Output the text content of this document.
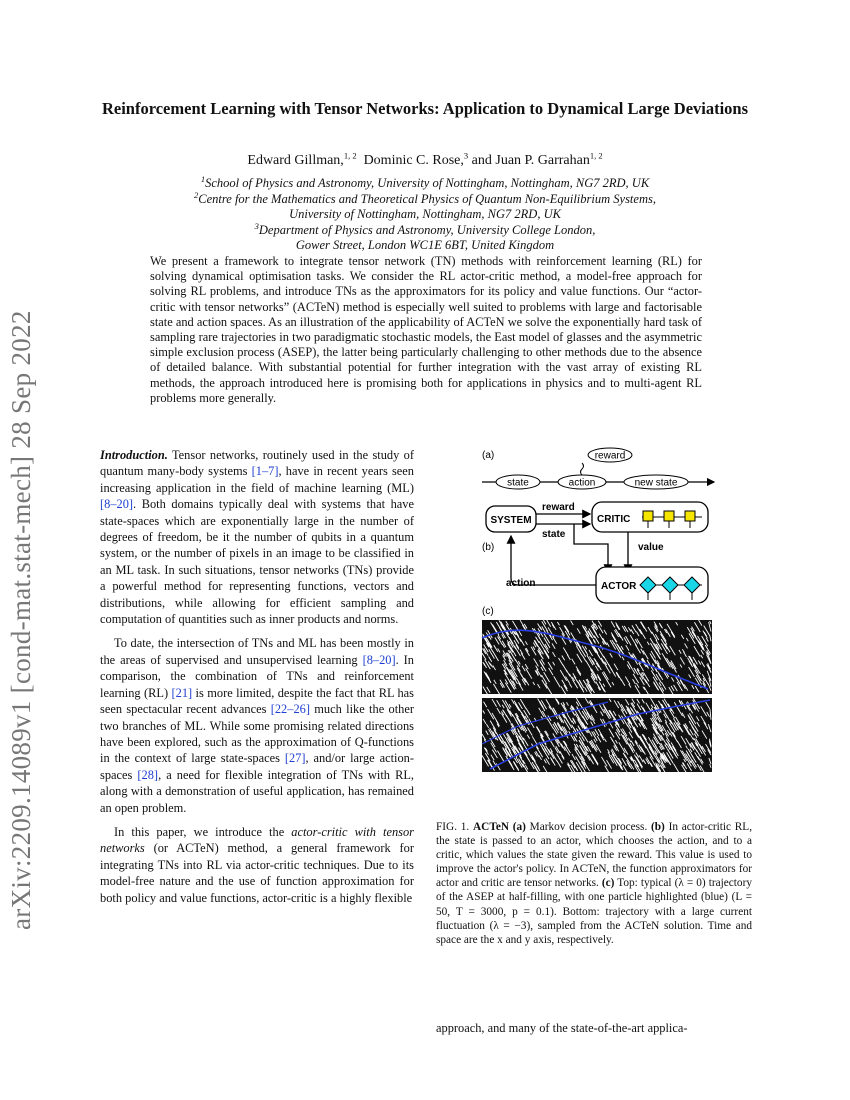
arXiv:2209.14089v1 [cond-mat.stat-mech] 28 Sep 2022
Reinforcement Learning with Tensor Networks: Application to Dynamical Large Deviations
Edward Gillman,$^{1, 2}$ Dominic C. Rose,$^3$ and Juan P. Garrahan$^{1, 2}$
$^1$School of Physics and Astronomy, University of Nottingham, Nottingham, NG7 2RD, UK
$^2$Centre for the Mathematics and Theoretical Physics of Quantum Non-Equilibrium Systems,
University of Nottingham, Nottingham, NG7 2RD, UK
$^3$Department of Physics and Astronomy, University College London,
Gower Street, London WC1E 6BT, United Kingdom
We present a framework to integrate tensor network (TN) methods with reinforcement learning (RL) for solving dynamical optimisation tasks. We consider the RL actor-critic method, a model-free approach for solving RL problems, and introduce TNs as the approximators for its policy and value functions. Our “actor-critic with tensor networks” (ACTeN) method is especially well suited to problems with large and factorisable state and action spaces. As an illustration of the applicability of ACTeN we solve the exponentially hard task of sampling rare trajectories in two paradigmatic stochastic models, the East model of glasses and the asymmetric simple exclusion process (ASEP), the latter being particularly challenging to other methods due to the absence of detailed balance. With substantial potential for further integration with the vast array of existing RL methods, the approach introduced here is promising both for applications in physics and to multi-agent RL problems more generally.

Introduction. Tensor networks, routinely used in the study of quantum many-body systems [1–7], have in recent years seen increasing application in the field of machine learning (ML) [8–20]. Both domains typically deal with systems that have state-spaces which are exponentially large in the number of degrees of freedom, be it the number of qubits in a quantum system, or the number of pixels in an image to be classified in an ML task. In such situations, tensor networks (TNs) provide a powerful method for representing functions, vectors and distributions, while allowing for efficient sampling and computation of quantities such as inner products and norms.

To date, the intersection of TNs and ML has been mostly in the areas of supervised and unsupervised learning [8–20]. In comparison, the combination of TNs and reinforcement learning (RL) [21] is more limited, despite the fact that RL has seen spectacular recent advances [22–26] much like the other two branches of ML. While some promising related directions have been explored, such as the approximation of Q-functions in the context of large state-spaces [27], and/or large action-spaces [28], a need for flexible integration of TNs with RL, along with a demonstration of useful application, has remained an open problem.

In this paper, we introduce the actor-critic with tensor networks (or ACTeN) method, a general framework for integrating TNs into RL via actor-critic techniques. Due to its model-free nature and the use of function approximation for both policy and value functions, actor-critic is a highly flexible

(a)	reward
state	action	new state
SYSTEM	CRITIC
reward
state
value
(b)
ACTOR
action
(c)
FIG. 1. ACTeN (a) Markov decision process. (b) In actor-critic RL, the state is passed to an actor, which chooses the action, and to a critic, which values the state given the reward. This value is used to improve the actor's policy. In ACTeN, the function approximators for actor and critic are tensor networks. (c) Top: typical (λ = 0) trajectory of the ASEP at half-filling, with one particle highlighted (blue) (L = 50, T = 3000, p = 0.1). Bottom: trajectory with a large current fluctuation (λ = −3), sampled from the ACTeN solution. Time and space are the x and y axis, respectively.
approach, and many of the state-of-the-art applica-
